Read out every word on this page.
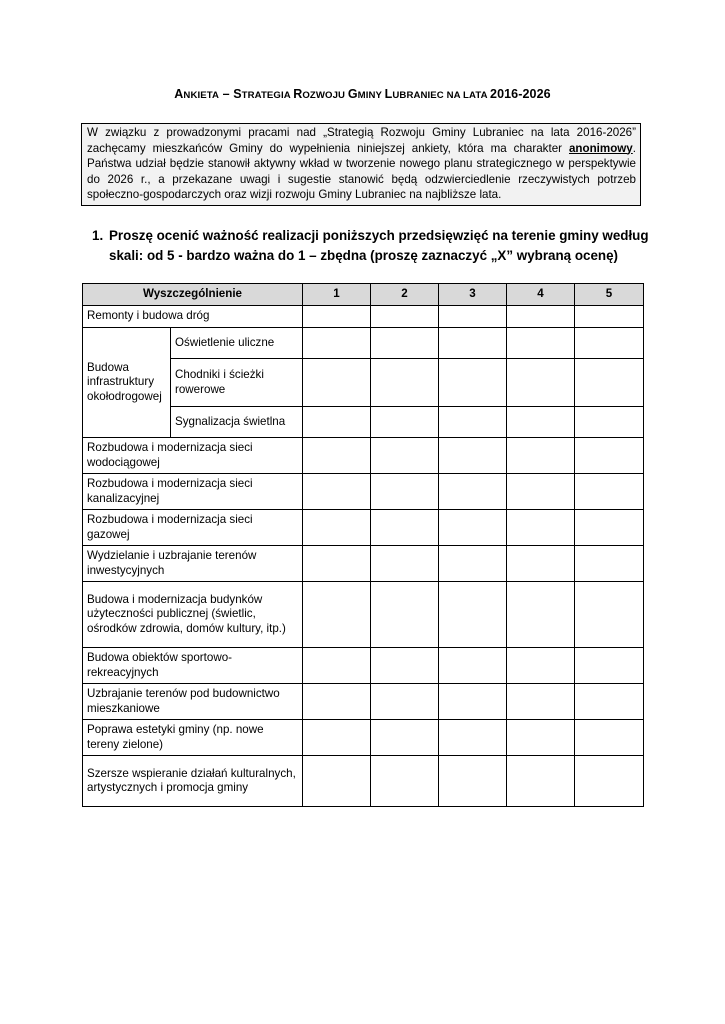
ANKIETA – STRATEGIA ROZWOJU GMINY LUBRANIEC NA LATA 2016-2026
W związku z prowadzonymi pracami nad „Strategią Rozwoju Gminy Lubraniec na lata 2016-2026” zachęcamy mieszkańców Gminy do wypełnienia niniejszej ankiety, która ma charakter anonimowy. Państwa udział będzie stanowił aktywny wkład w tworzenie nowego planu strategicznego w perspektywie do 2026 r., a przekazane uwagi i sugestie stanowić będą odzwierciedlenie rzeczywistych potrzeb społeczno-gospodarczych oraz wizji rozwoju Gminy Lubraniec na najbliższe lata.
1. Proszę ocenić ważność realizacji poniższych przedsięwzięć na terenie gminy według skali: od 5 - bardzo ważna do 1 – zbędna (proszę zaznaczyć „X” wybraną ocenę)
Wyszczególnienie		1	2	3	4	5
Remonty i budowa dróg						
Budowa infrastruktury okołodrogowej	Oświetlenie uliczne					
	Chodniki i ścieżki rowerowe					
	Sygnalizacja świetlna					
Rozbudowa i modernizacja sieci wodociągowej						
Rozbudowa i modernizacja sieci kanalizacyjnej						
Rozbudowa i modernizacja sieci gazowej						
Wydzielanie i uzbrajanie terenów inwestycyjnych						
Budowa i modernizacja budynków użyteczności publicznej (świetlic, ośrodków zdrowia, domów kultury, itp.)						
Budowa obiektów sportowo-rekreacyjnych						
Uzbrajanie terenów pod budownictwo mieszkaniowe						
Poprawa estetyki gminy (np. nowe tereny zielone)						
Szersze wspieranie działań kulturalnych, artystycznych i promocja gminy						
